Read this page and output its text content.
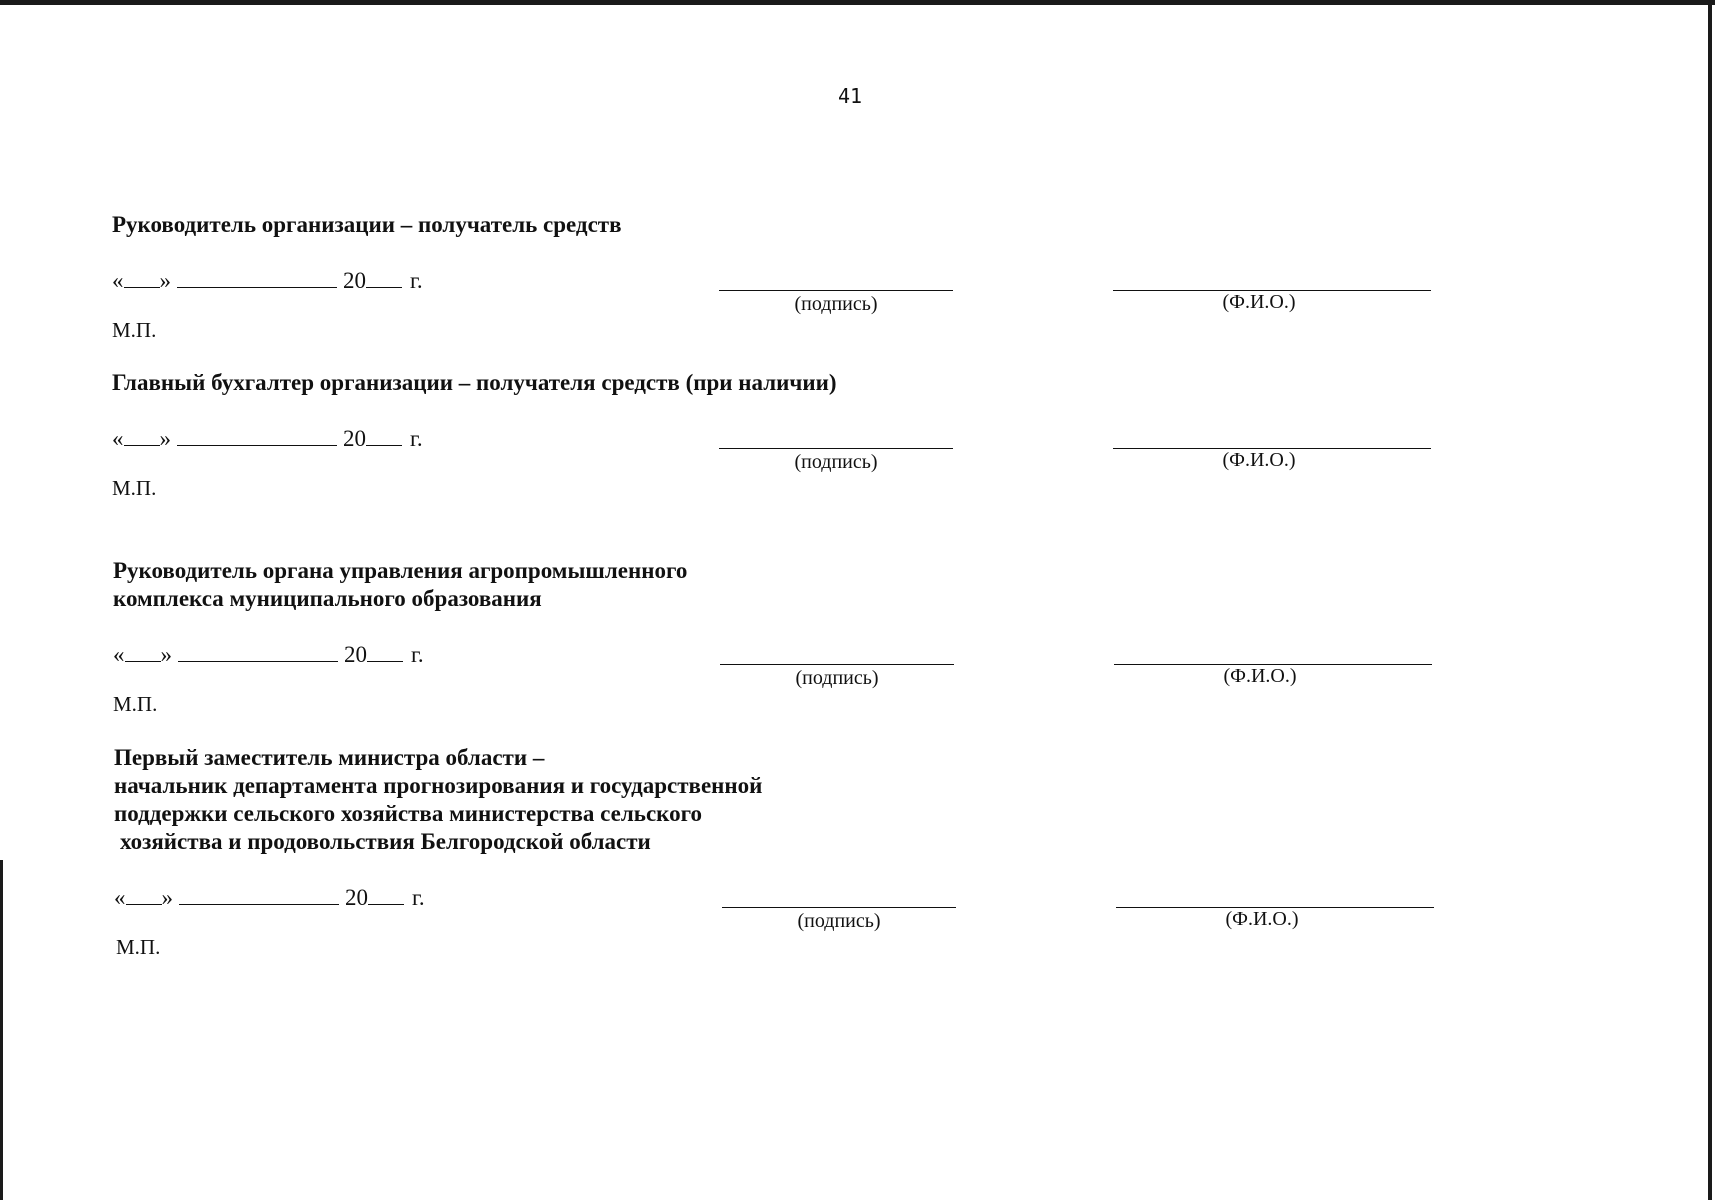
41
Руководитель организации – получатель средств
« »	20 г.
М.П.
(подпись)	(Ф.И.О.)
Главный бухгалтер организации – получателя средств (при наличии)
« »	20 г.
М.П.
(подпись)	(Ф.И.О.)
Руководитель органа управления агропромышленного
комплекса муниципального образования
« »	20 г.
М.П.
(подпись)	(Ф.И.О.)
Первый заместитель министра области –
начальник департамента прогнозирования и государственной
поддержки сельского хозяйства министерства сельского
хозяйства и продовольствия Белгородской области
« »	20 г.
М.П.
(подпись)	(Ф.И.О.)
